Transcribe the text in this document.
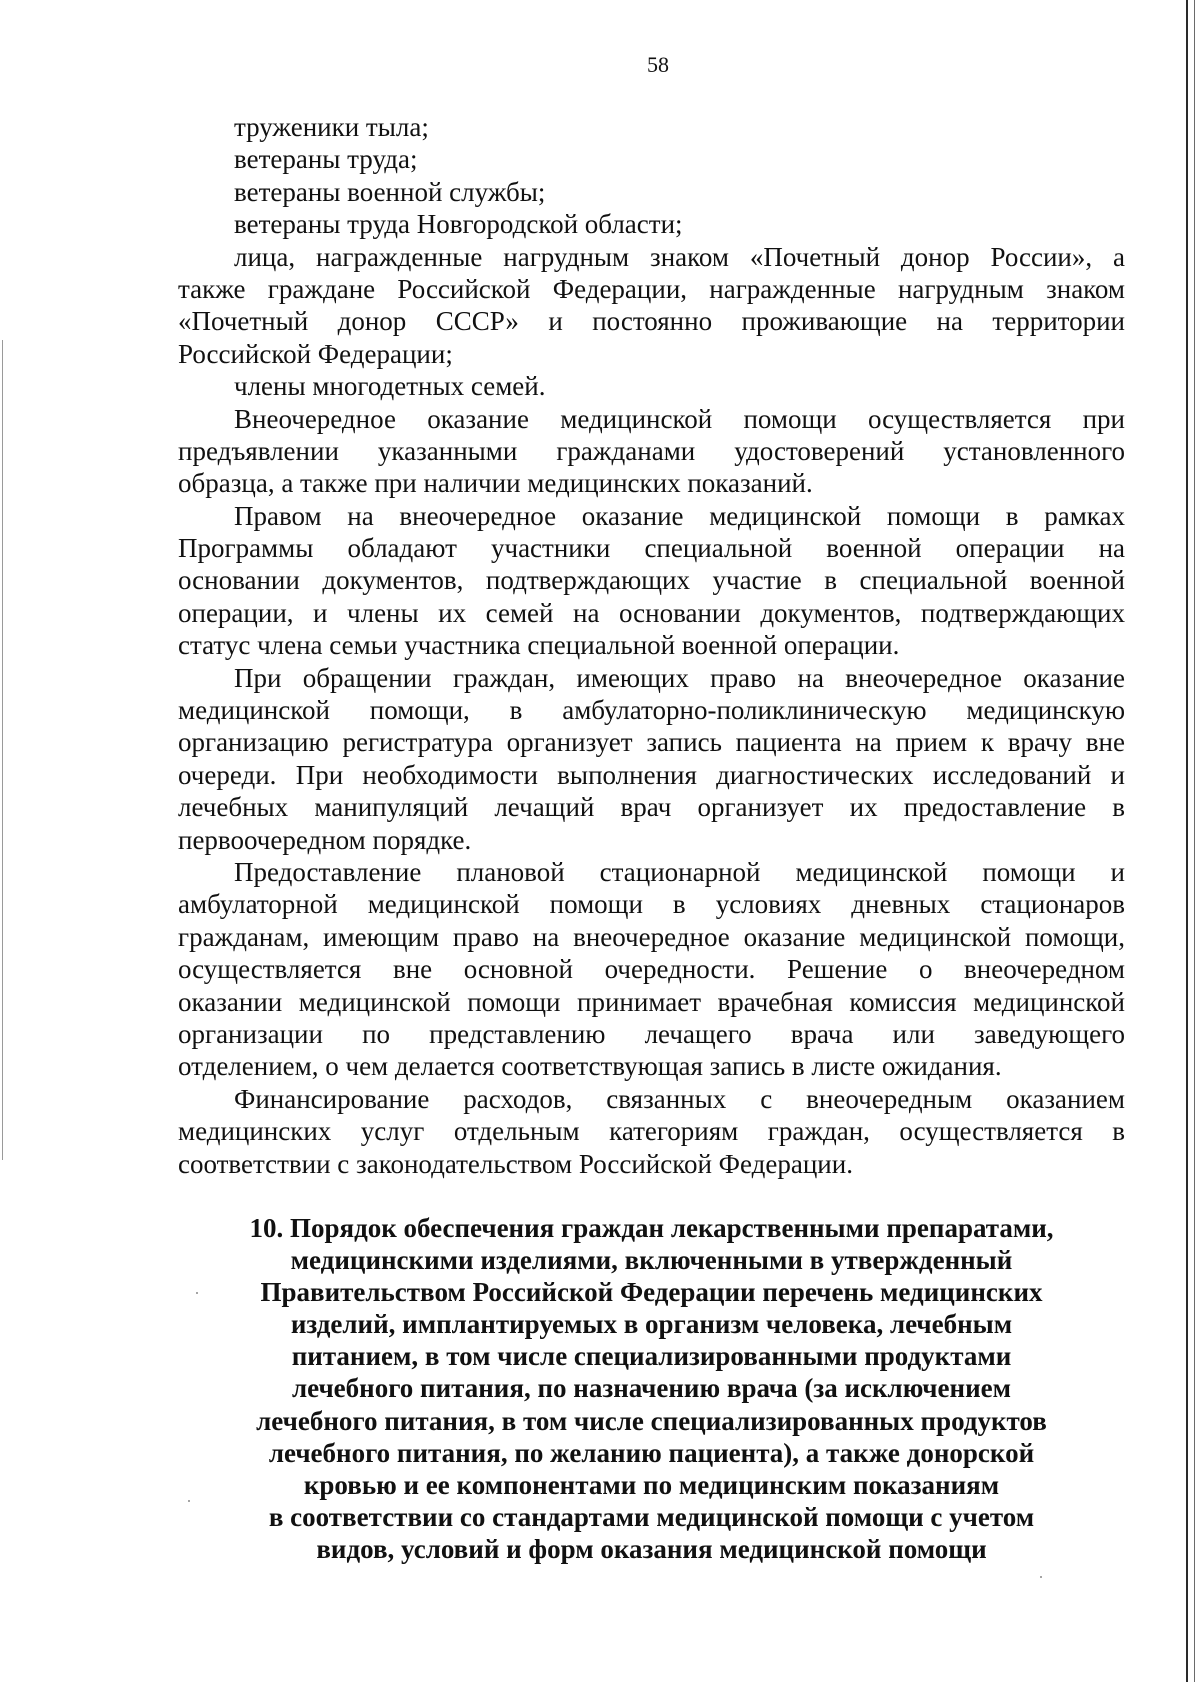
58
труженики тыла;
ветераны труда;
ветераны военной службы;
ветераны труда Новгородской области;
лица, награжденные нагрудным знаком «Почетный донор России», а
также граждане Российской Федерации, награжденные нагрудным знаком
«Почетный донор СССР» и постоянно проживающие на территории
Российской Федерации;
члены многодетных семей.
Внеочередное оказание медицинской помощи осуществляется при
предъявлении указанными гражданами удостоверений установленного
образца, а также при наличии медицинских показаний.
Правом на внеочередное оказание медицинской помощи в рамках
Программы обладают участники специальной военной операции на
основании документов, подтверждающих участие в специальной военной
операции, и члены их семей на основании документов, подтверждающих
статус члена семьи участника специальной военной операции.
При обращении граждан, имеющих право на внеочередное оказание
медицинской помощи, в амбулаторно-поликлиническую медицинскую
организацию регистратура организует запись пациента на прием к врачу вне
очереди. При необходимости выполнения диагностических исследований и
лечебных манипуляций лечащий врач организует их предоставление в
первоочередном порядке.
Предоставление плановой стационарной медицинской помощи и
амбулаторной медицинской помощи в условиях дневных стационаров
гражданам, имеющим право на внеочередное оказание медицинской помощи,
осуществляется вне основной очередности. Решение о внеочередном
оказании медицинской помощи принимает врачебная комиссия медицинской
организации по представлению лечащего врача или заведующего
отделением, о чем делается соответствующая запись в листе ожидания.
Финансирование расходов, связанных с внеочередным оказанием
медицинских услуг отдельным категориям граждан, осуществляется в
соответствии с законодательством Российской Федерации.
10. Порядок обеспечения граждан лекарственными препаратами,
медицинскими изделиями, включенными в утвержденный
Правительством Российской Федерации перечень медицинских
изделий, имплантируемых в организм человека, лечебным
питанием, в том числе специализированными продуктами
лечебного питания, по назначению врача (за исключением
лечебного питания, в том числе специализированных продуктов
лечебного питания, по желанию пациента), а также донорской
кровью и ее компонентами по медицинским показаниям
в соответствии со стандартами медицинской помощи с учетом
видов, условий и форм оказания медицинской помощи
